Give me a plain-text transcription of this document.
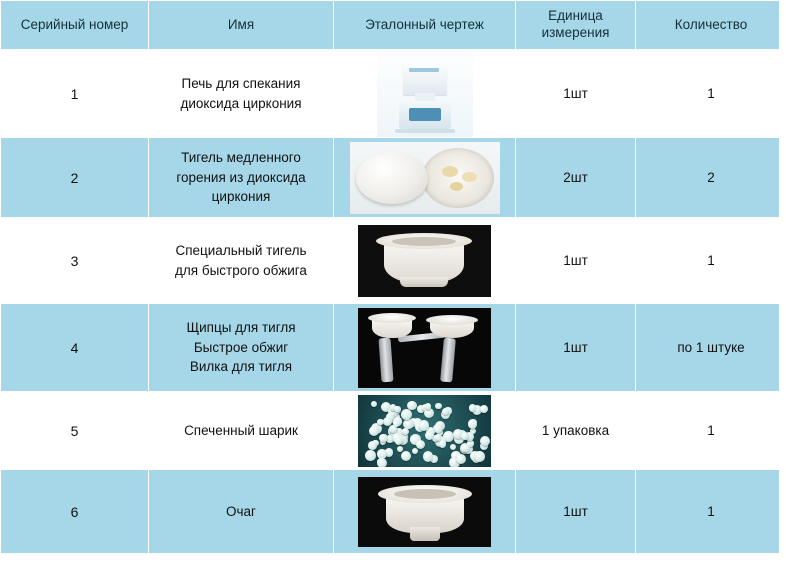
Серийный номер	Имя	Эталонный чертеж	Единица
измерения	Количество
1	Печь для спекания
диоксида циркония		1шт	1
2	Тигель медленного
горения из диоксида
циркония		2шт	2
3	Специальный тигель
для быстрого обжига		1шт	1
4	Щипцы для тигля
Быстрое обжиг
Вилка для тигля		1шт	по 1 штуке
5	Спеченный шарик		1 упаковка	1
6	Очаг		1шт	1
